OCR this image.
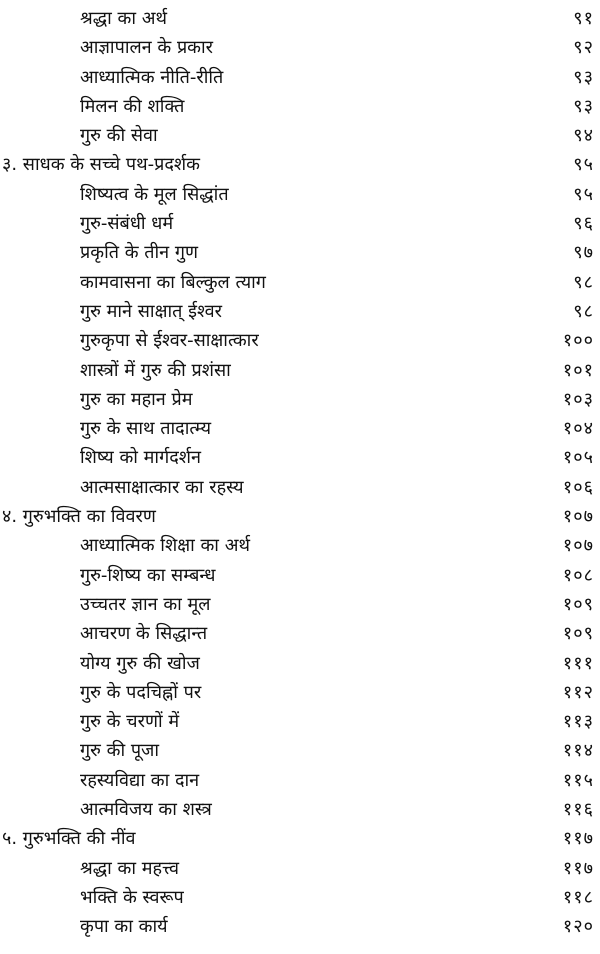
श्रद्धा का अर्थ	९१
आज्ञापालन के प्रकार	९२
आध्यात्मिक नीति-रीति	९३
मिलन की शक्ति	९३
गुरु की सेवा	९४
३. साधक के सच्चे पथ-प्रदर्शक	९५
शिष्यत्व के मूल सिद्धांत	९५
गुरु-संबंधी धर्म	९६
प्रकृति के तीन गुण	९७
कामवासना का बिल्कुल त्याग	९८
गुरु माने साक्षात् ईश्वर	९८
गुरुकृपा से ईश्वर-साक्षात्कार	१००
शास्त्रों में गुरु की प्रशंसा	१०१
गुरु का महान प्रेम	१०३
गुरु के साथ तादात्म्य	१०४
शिष्य को मार्गदर्शन	१०५
आत्मसाक्षात्कार का रहस्य	१०६
४. गुरुभक्ति का विवरण	१०७
आध्यात्मिक शिक्षा का अर्थ	१०७
गुरु-शिष्य का सम्बन्ध	१०८
उच्चतर ज्ञान का मूल	१०९
आचरण के सिद्धान्त	१०९
योग्य गुरु की खोज	१११
गुरु के पदचिह्नों पर	११२
गुरु के चरणों में	११३
गुरु की पूजा	११४
रहस्यविद्या का दान	११५
आत्मविजय का शस्त्र	११६
५. गुरुभक्ति की नींव	११७
श्रद्धा का महत्त्व	११७
भक्ति के स्वरूप	११८
कृपा का कार्य	१२०
